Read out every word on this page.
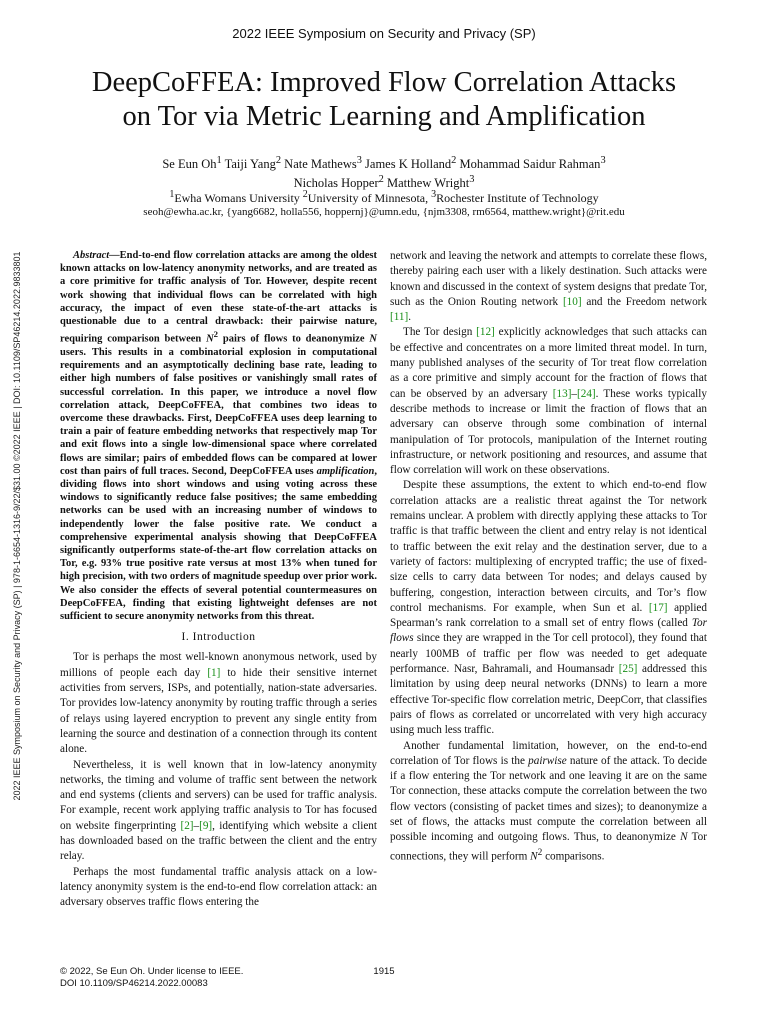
2022 IEEE Symposium on Security and Privacy (SP)
DeepCoFFEA: Improved Flow Correlation Attacks
on Tor via Metric Learning and Amplification
Se Eun Oh$^1$ Taiji Yang$^2$ Nate Mathews$^3$ James K Holland$^2$ Mohammad Saidur Rahman$^3$
Nicholas Hopper$^2$ Matthew Wright$^3$
$^1$Ewha Womans University $^2$University of Minnesota, $^3$Rochester Institute of Technology
seoh@ewha.ac.kr, {yang6682, holla556, hoppernj}@umn.edu, {njm3308, rm6564, matthew.wright}@rit.edu
2022 IEEE Symposium on Security and Privacy (SP) | 978-1-6654-1316-9/22/$31.00 ©2022 IEEE | DOI: 10.1109/SP46214.2022.9833801	Abstract—End-to-end flow correlation attacks are among the oldest known attacks on low-latency anonymity networks, and are treated as a core primitive for traffic analysis of Tor. However, despite recent work showing that individual flows can be correlated with high accuracy, the impact of even these state-of-the-art attacks is questionable due to a central drawback: their pairwise nature, requiring comparison between $N^2$ pairs of flows to deanonymize N users. This results in a combinatorial explosion in computational requirements and an asymptotically declining base rate, leading to either high numbers of false positives or vanishingly small rates of successful correlation. In this paper, we introduce a novel flow correlation attack, DeepCoFFEA, that combines two ideas to overcome these drawbacks. First, DeepCoFFEA uses deep learning to train a pair of feature embedding networks that respectively map Tor and exit flows into a single low-dimensional space where correlated flows are similar; pairs of embedded flows can be compared at lower cost than pairs of full traces. Second, DeepCoFFEA uses amplification, dividing flows into short windows and using voting across these windows to significantly reduce false positives; the same embedding networks can be used with an increasing number of windows to independently lower the false positive rate. We conduct a comprehensive experimental analysis showing that DeepCoFFEA significantly outperforms state-of-the-art flow correlation attacks on Tor, e.g. 93% true positive rate versus at most 13% when tuned for high precision, with two orders of magnitude speedup over prior work. We also consider the effects of several potential countermeasures on DeepCoFFEA, finding that existing lightweight defenses are not sufficient to secure anonymity networks from this threat.

I. Introduction

Tor is perhaps the most well-known anonymous network, used by millions of people each day [1] to hide their sensitive internet activities from servers, ISPs, and potentially, nation-state adversaries. Tor provides low-latency anonymity by routing traffic through a series of relays using layered encryption to prevent any single entity from learning the source and destination of a connection through its content alone.

Nevertheless, it is well known that in low-latency anonymity networks, the timing and volume of traffic sent between the network and end systems (clients and servers) can be used for traffic analysis. For example, recent work applying traffic analysis to Tor has focused on website fingerprinting [2]–[9], identifying which website a client has downloaded based on the traffic between the client and the entry relay.

Perhaps the most fundamental traffic analysis attack on a low-latency anonymity system is the end-to-end flow correlation attack: an adversary observes traffic flows entering the

network and leaving the network and attempts to correlate these flows, thereby pairing each user with a likely destination. Such attacks were known and discussed in the context of system designs that predate Tor, such as the Onion Routing network [10] and the Freedom network [11].

The Tor design [12] explicitly acknowledges that such attacks can be effective and concentrates on a more limited threat model. In turn, many published analyses of the security of Tor treat flow correlation as a core primitive and simply account for the fraction of flows that can be observed by an adversary [13]–[24]. These works typically describe methods to increase or limit the fraction of flows that an adversary can observe through some combination of internal manipulation of Tor protocols, manipulation of the Internet routing infrastructure, or network positioning and resources, and assume that flow correlation will work on these observations.

Despite these assumptions, the extent to which end-to-end flow correlation attacks are a realistic threat against the Tor network remains unclear. A problem with directly applying these attacks to Tor traffic is that traffic between the client and entry relay is not identical to traffic between the exit relay and the destination server, due to a variety of factors: multiplexing of encrypted traffic; the use of fixed-size cells to carry data between Tor nodes; and delays caused by buffering, congestion, interaction between circuits, and Tor’s flow control mechanisms. For example, when Sun et al. [17] applied Spearman’s rank correlation to a small set of entry flows (called Tor flows since they are wrapped in the Tor cell protocol), they found that nearly 100MB of traffic per flow was needed to get adequate performance. Nasr, Bahramali, and Houmansadr [25] addressed this limitation by using deep neural networks (DNNs) to learn a more effective Tor-specific flow correlation metric, DeepCorr, that classifies pairs of flows as correlated or uncorrelated with very high accuracy using much less traffic.

Another fundamental limitation, however, on the end-to-end correlation of Tor flows is the pairwise nature of the attack. To decide if a flow entering the Tor network and one leaving it are on the same Tor connection, these attacks compute the correlation between the two flow vectors (consisting of packet times and sizes); to deanonymize a set of flows, the attacks must compute the correlation between all possible incoming and outgoing flows. Thus, to deanonymize N Tor connections, they will perform $N^2$ comparisons.

© 2022, Se Eun Oh. Under license to IEEE.
DOI 10.1109/SP46214.2022.00083
1915
